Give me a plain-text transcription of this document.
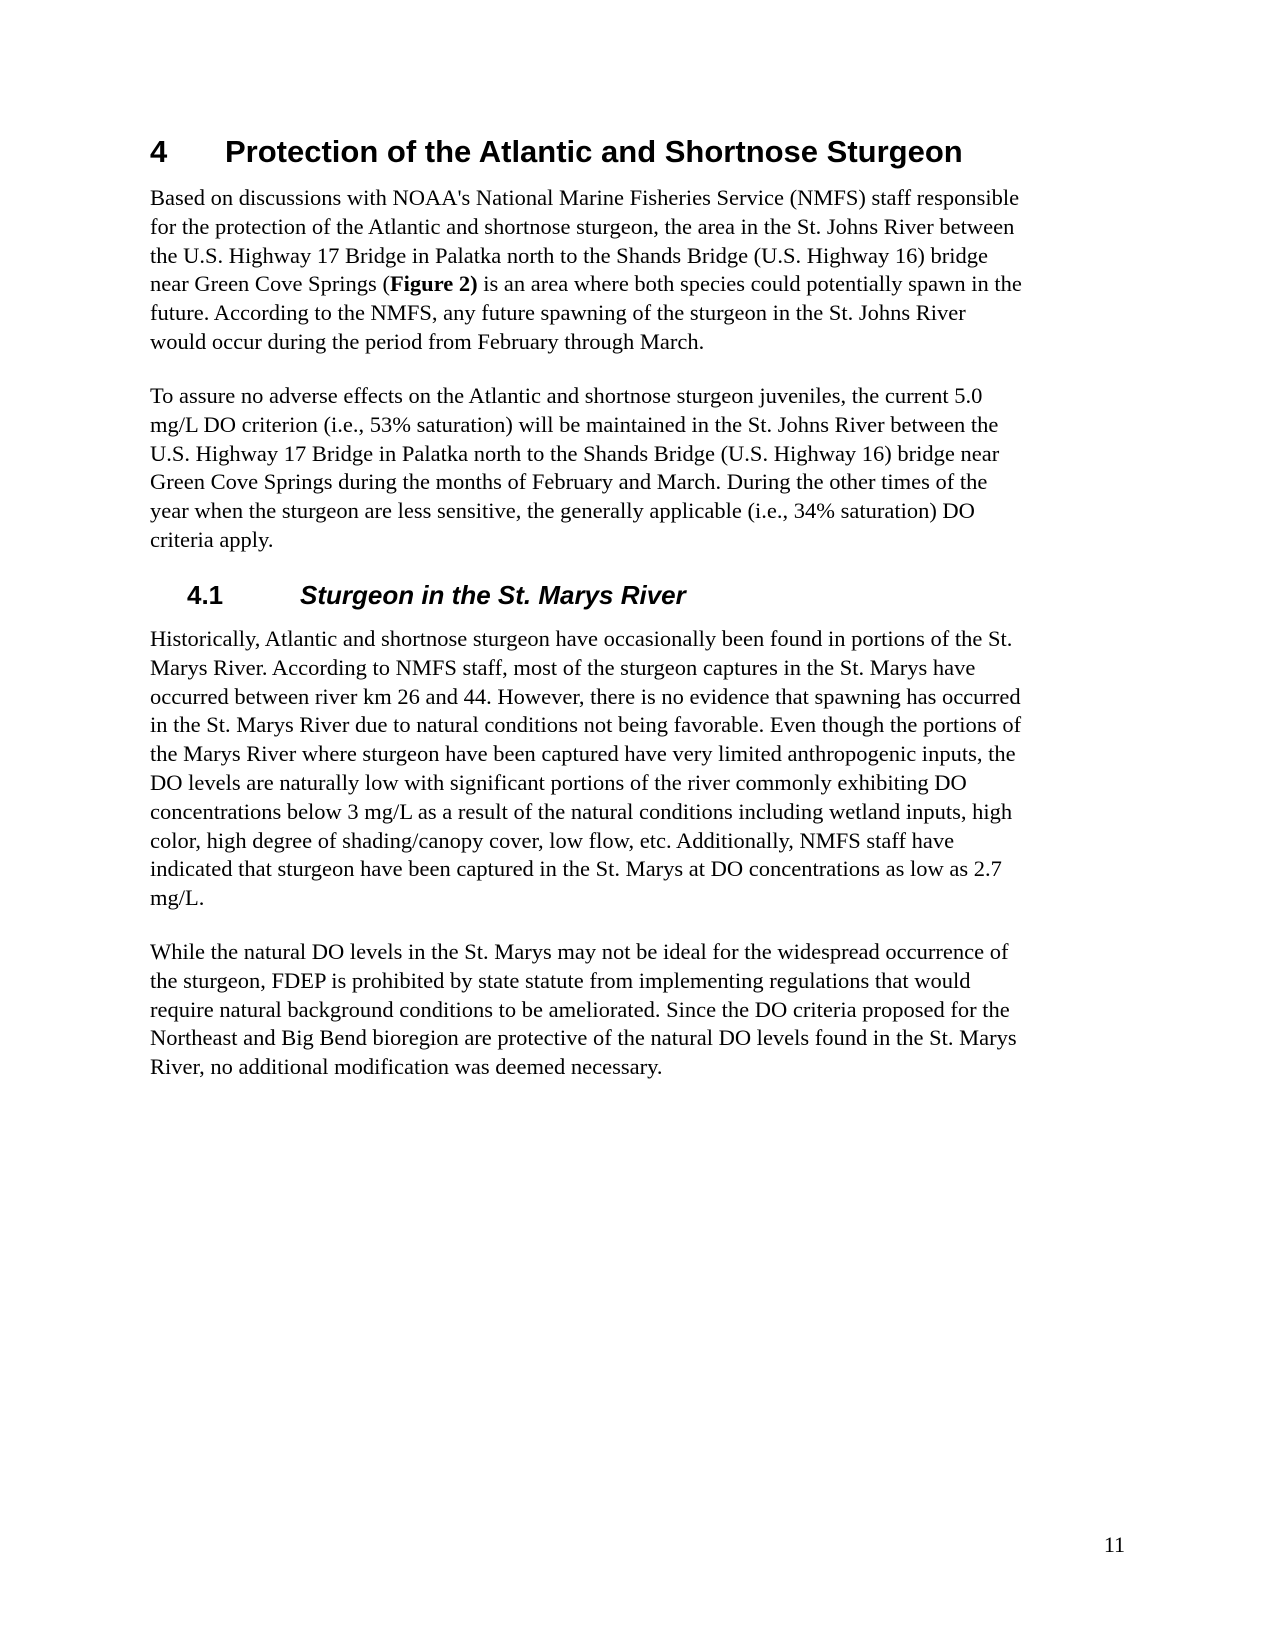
4 Protection of the Atlantic and Shortnose Sturgeon
Based on discussions with NOAA's National Marine Fisheries Service (NMFS) staff responsible
for the protection of the Atlantic and shortnose sturgeon, the area in the St. Johns River between
the U.S. Highway 17 Bridge in Palatka north to the Shands Bridge (U.S. Highway 16) bridge
near Green Cove Springs (Figure 2) is an area where both species could potentially spawn in the
future. According to the NMFS, any future spawning of the sturgeon in the St. Johns River
would occur during the period from February through March.
To assure no adverse effects on the Atlantic and shortnose sturgeon juveniles, the current 5.0
mg/L DO criterion (i.e., 53% saturation) will be maintained in the St. Johns River between the
U.S. Highway 17 Bridge in Palatka north to the Shands Bridge (U.S. Highway 16) bridge near
Green Cove Springs during the months of February and March. During the other times of the
year when the sturgeon are less sensitive, the generally applicable (i.e., 34% saturation) DO
criteria apply.
4.1	Sturgeon in the St. Marys River
Historically, Atlantic and shortnose sturgeon have occasionally been found in portions of the St.
Marys River. According to NMFS staff, most of the sturgeon captures in the St. Marys have
occurred between river km 26 and 44. However, there is no evidence that spawning has occurred
in the St. Marys River due to natural conditions not being favorable. Even though the portions of
the Marys River where sturgeon have been captured have very limited anthropogenic inputs, the
DO levels are naturally low with significant portions of the river commonly exhibiting DO
concentrations below 3 mg/L as a result of the natural conditions including wetland inputs, high
color, high degree of shading/canopy cover, low flow, etc. Additionally, NMFS staff have
indicated that sturgeon have been captured in the St. Marys at DO concentrations as low as 2.7
mg/L.
While the natural DO levels in the St. Marys may not be ideal for the widespread occurrence of
the sturgeon, FDEP is prohibited by state statute from implementing regulations that would
require natural background conditions to be ameliorated. Since the DO criteria proposed for the
Northeast and Big Bend bioregion are protective of the natural DO levels found in the St. Marys
River, no additional modification was deemed necessary.
11
